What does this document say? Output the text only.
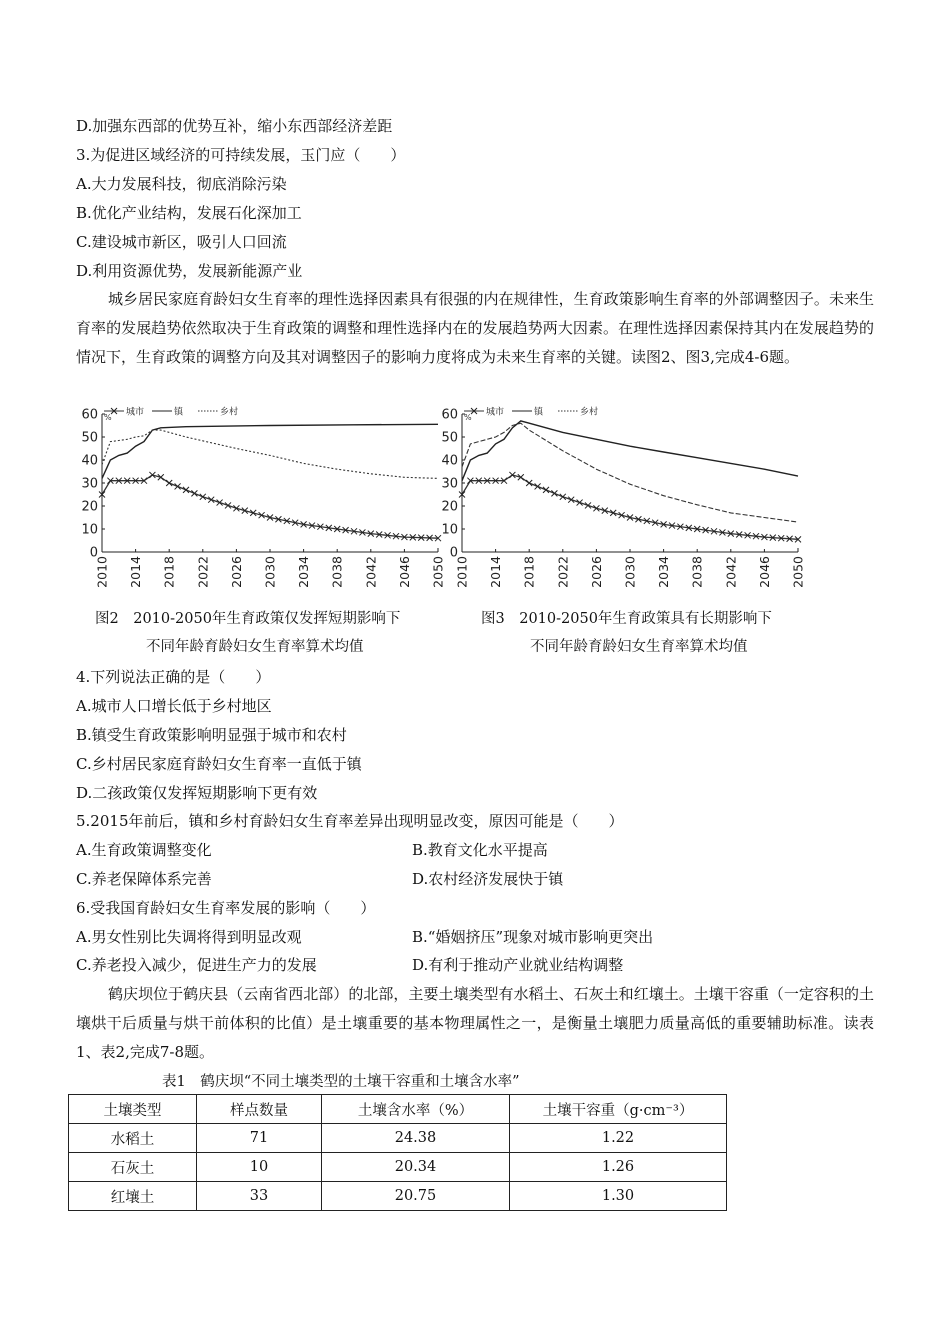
D.加强东西部的优势互补，缩小东西部经济差距
3.为促进区域经济的可持续发展，玉门应（　　）
A.大力发展科技，彻底消除污染
B.优化产业结构，发展石化深加工
C.建设城市新区，吸引人口回流
D.利用资源优势，发展新能源产业
城乡居民家庭育龄妇女生育率的理性选择因素具有很强的内在规律性，生育政策影响生育率的外部调整因子。未来生育率的发展趋势依然取决于生育政策的调整和理性选择内在的发展趋势两大因素。在理性选择因素保持其内在发展趋势的情况下，生育政策的调整方向及其对调整因子的影响力度将成为未来生育率的关键。读图2、图3,完成4-6题。
0
10
20
30
40
50
60 %
2010 2014 2018 2022 2026 2030 2034 2038 2042 2046 2050
城市	镇	乡村
0
10
20
30
40
50
60 %
2010 2014 2018 2022 2026 2030 2034 2038 2042 2046 2050
城市	镇	乡村
图2　2010-2050年生育政策仅发挥短期影响下
不同年龄育龄妇女生育率算术均值
图3　2010-2050年生育政策具有长期影响下
不同年龄育龄妇女生育率算术均值
4.下列说法正确的是（　　）
A.城市人口增长低于乡村地区
B.镇受生育政策影响明显强于城市和农村
C.乡村居民家庭育龄妇女生育率一直低于镇
D.二孩政策仅发挥短期影响下更有效
5.2015年前后，镇和乡村育龄妇女生育率差异出现明显改变，原因可能是（　　）
A.生育政策调整变化	B.教育文化水平提高
C.养老保障体系完善	D.农村经济发展快于镇
6.受我国育龄妇女生育率发展的影响（　　）
A.男女性别比失调将得到明显改观	B.“婚姻挤压”现象对城市影响更突出
C.养老投入减少，促进生产力的发展	D.有利于推动产业就业结构调整
鹤庆坝位于鹤庆县（云南省西北部）的北部，主要土壤类型有水稻土、石灰土和红壤土。土壤干容重（一定容积的土壤烘干后质量与烘干前体积的比值）是土壤重要的基本物理属性之一，是衡量土壤肥力质量高低的重要辅助标准。读表1、表2,完成7-8题。
表1　鹤庆坝“不同土壤类型的土壤干容重和土壤含水率”
土壤类型	样点数量	土壤含水率（%）	土壤干容重（g·cm⁻³）
水稻土	71	24.38	1.22
石灰土	10	20.34	1.26
红壤土	33	20.75	1.30
